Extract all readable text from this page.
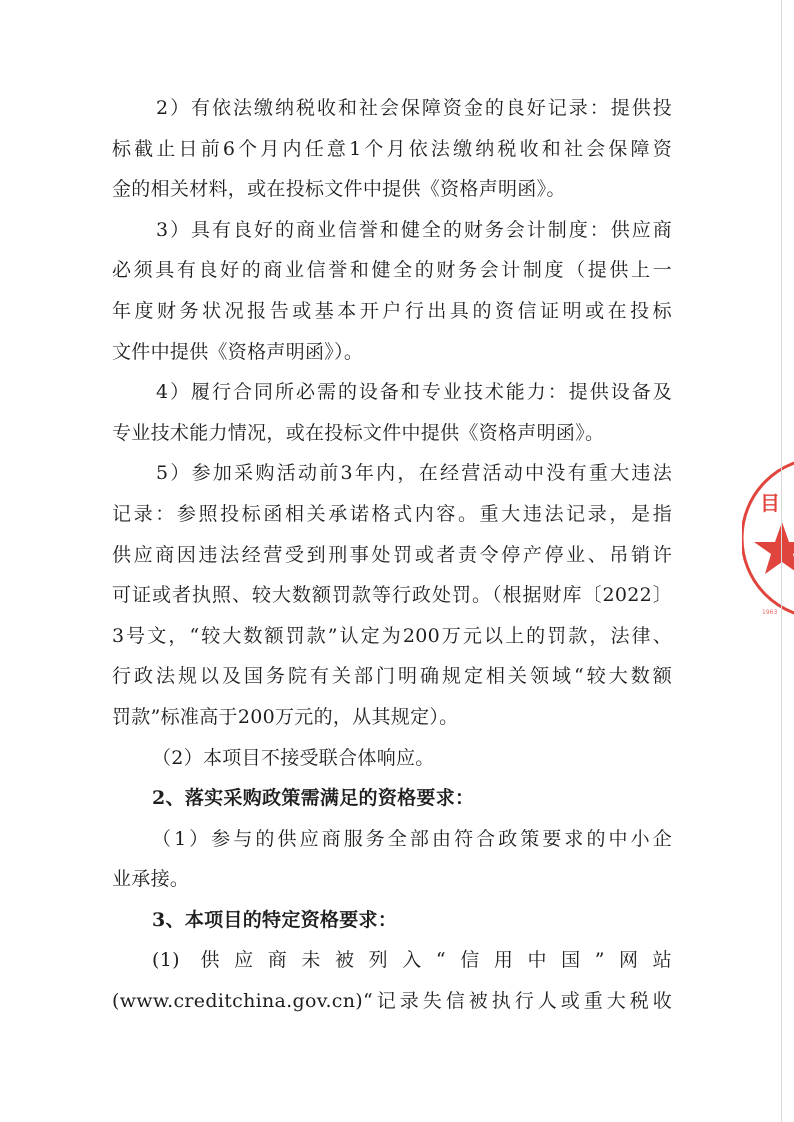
2）有依法缴纳税收和社会保障资金的良好记录：提供投
标截止日前6个月内任意1个月依法缴纳税收和社会保障资
金的相关材料，或在投标文件中提供《资格声明函》。
3）具有良好的商业信誉和健全的财务会计制度：供应商
必须具有良好的商业信誉和健全的财务会计制度（提供上一
年度财务状况报告或基本开户行出具的资信证明或在投标
文件中提供《资格声明函》）。
4）履行合同所必需的设备和专业技术能力：提供设备及
专业技术能力情况，或在投标文件中提供《资格声明函》。
5）参加采购活动前3年内，在经营活动中没有重大违法
记录：参照投标函相关承诺格式内容。重大违法记录，是指
供应商因违法经营受到刑事处罚或者责令停产停业、吊销许
可证或者执照、较大数额罚款等行政处罚。（根据财库〔2022〕
3号文，“较大数额罚款”认定为200万元以上的罚款，法律、
行政法规以及国务院有关部门明确规定相关领域“较大数额
罚款”标准高于200万元的，从其规定）。
（2）本项目不接受联合体响应。
2、落实采购政策需满足的资格要求：
（1）参与的供应商服务全部由符合政策要求的中小企
业承接。
3、本项目的特定资格要求：
(1) 供应商未被列入“信用中国”网站
(www.creditchina.gov.cn)“记录失信被执行人或重大税收
目
1963
